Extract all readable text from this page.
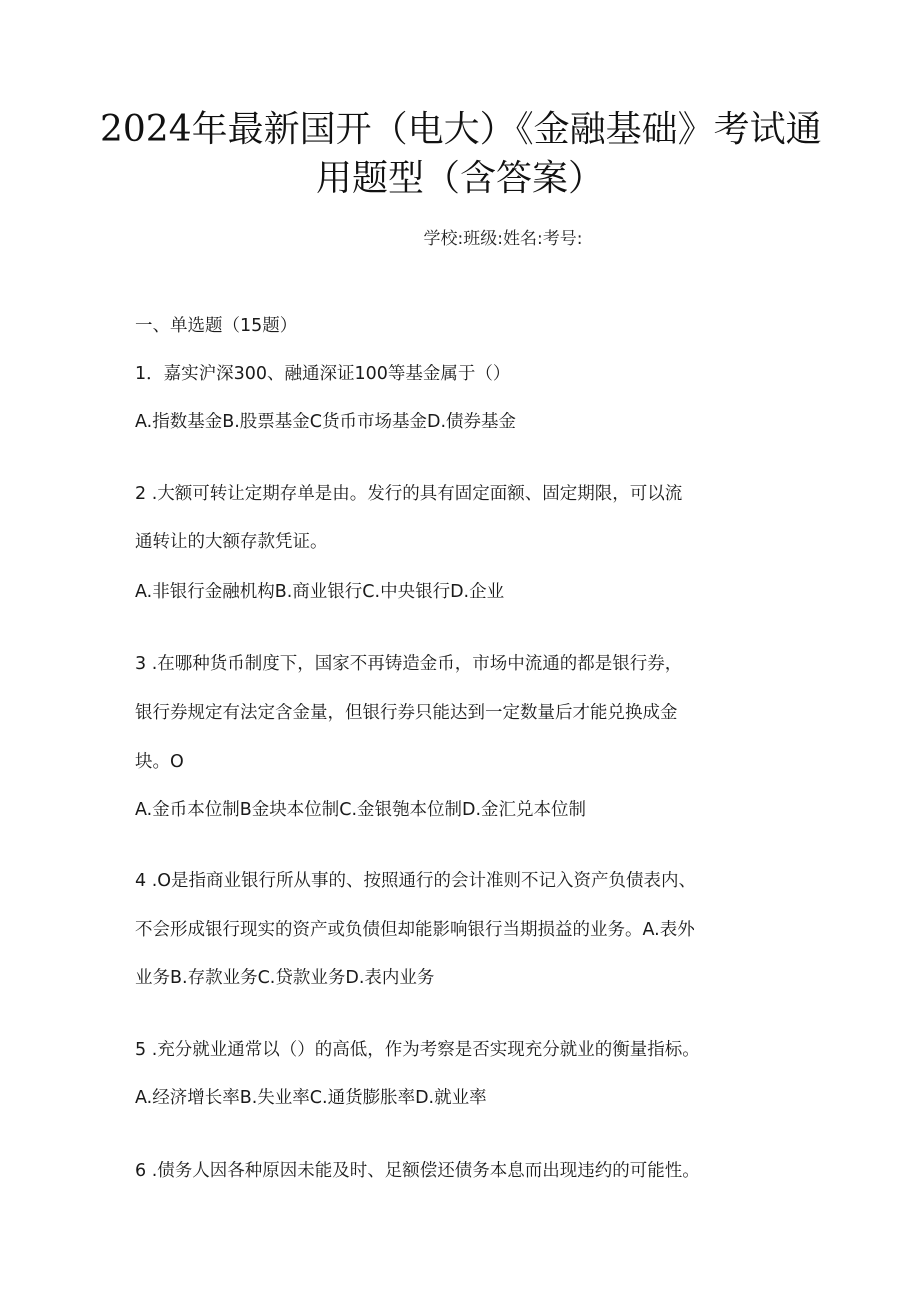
2024年最新国开（电大）《金融基础》考试通
用题型（含答案）
学校:班级:姓名:考号:
一、单选题（15题）
1．嘉实沪深300、融通深证100等基金属于（）
A.指数基金B.股票基金C货币市场基金D.债券基金
2 .大额可转让定期存单是由。发行的具有固定面额、固定期限，可以流
通转让的大额存款凭证。
A.非银行金融机构B.商业银行C.中央银行D.企业
3 .在哪种货币制度下，国家不再铸造金币，市场中流通的都是银行券，
银行券规定有法定含金量，但银行券只能达到一定数量后才能兑换成金
块。O
A.金币本位制B金块本位制C.金银匏本位制D.金汇兑本位制
4 .O是指商业银行所从事的、按照通行的会计准则不记入资产负债表内、
不会形成银行现实的资产或负债但却能影响银行当期损益的业务。A.表外
业务B.存款业务C.贷款业务D.表内业务
5 .充分就业通常以（）的高低，作为考察是否实现充分就业的衡量指标。
A.经济增长率B.失业率C.通货膨胀率D.就业率
6 .债务人因各种原因未能及时、足额偿还债务本息而出现违约的可能性。
